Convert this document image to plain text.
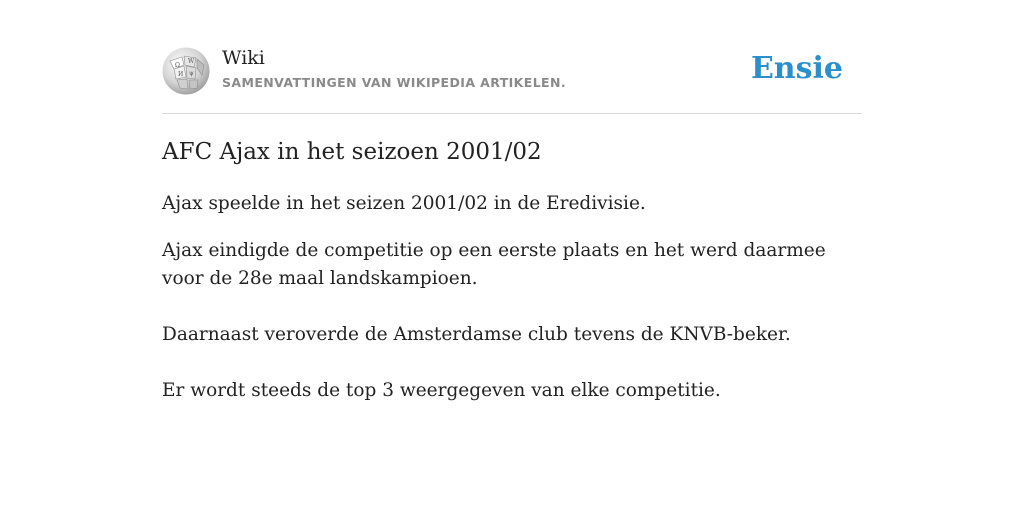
Ω
W
И ψ
Wiki
SAMENVATTINGEN VAN WIKIPEDIA ARTIKELEN.	Ensie
AFC Ajax in het seizoen 2001/02

Ajax speelde in het seizen 2001/02 in de Eredivisie.

Ajax eindigde de competitie op een eerste plaats en het werd daarmee voor de 28e maal landskampioen.

Daarnaast veroverde de Amsterdamse club tevens de KNVB-beker.

Er wordt steeds de top 3 weergegeven van elke competitie.
